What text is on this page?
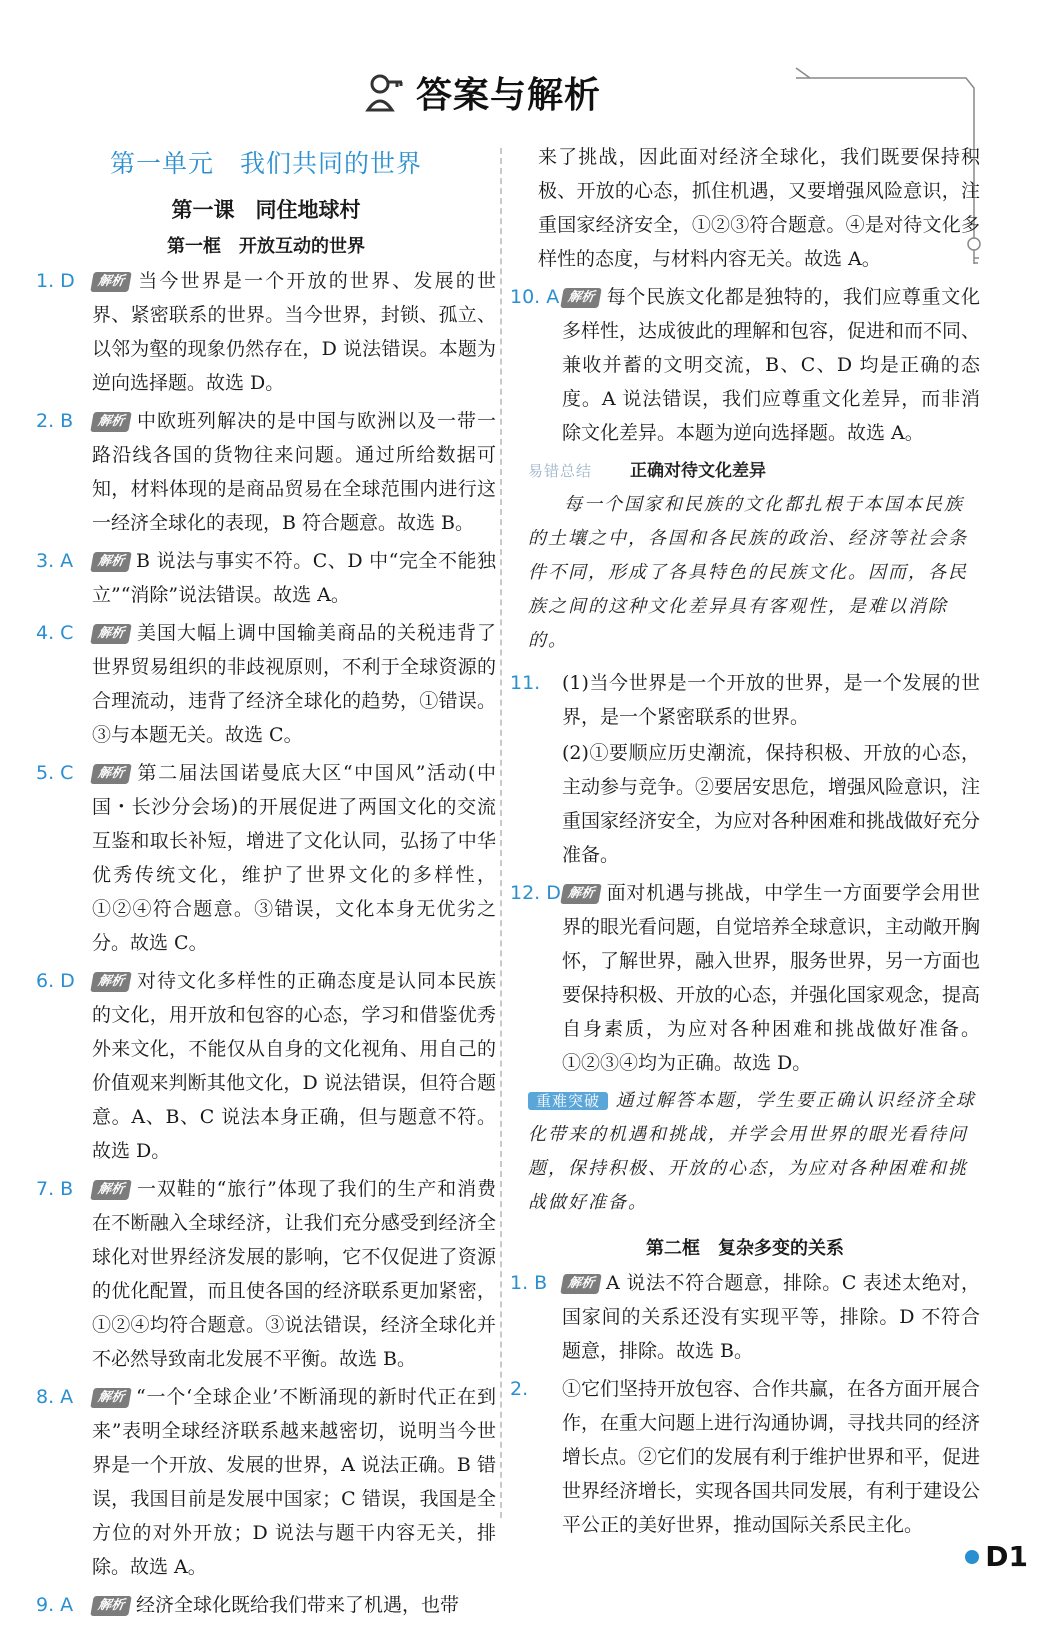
答案与解析
第一单元　我们共同的世界
第一课　同住地球村
第一框　开放互动的世界
1. D 解析 当今世界是一个开放的世界、发展的世界、紧密联系的世界。当今世界，封锁、孤立、以邻为壑的现象仍然存在，D 说法错误。本题为逆向选择题。故选 D。
2. B 解析 中欧班列解决的是中国与欧洲以及一带一路沿线各国的货物往来问题。通过所给数据可知，材料体现的是商品贸易在全球范围内进行这一经济全球化的表现，B 符合题意。故选 B。
3. A 解析 B 说法与事实不符。C、D 中“完全不能独立”“消除”说法错误。故选 A。
4. C 解析 美国大幅上调中国输美商品的关税违背了世界贸易组织的非歧视原则，不利于全球资源的合理流动，违背了经济全球化的趋势，①错误。③与本题无关。故选 C。
5. C 解析 第二届法国诺曼底大区“中国风”活动(中国・长沙分会场)的开展促进了两国文化的交流互鉴和取长补短，增进了文化认同，弘扬了中华优秀传统文化，维护了世界文化的多样性，①②④符合题意。③错误，文化本身无优劣之分。故选 C。
6. D 解析 对待文化多样性的正确态度是认同本民族的文化，用开放和包容的心态，学习和借鉴优秀外来文化，不能仅从自身的文化视角、用自己的价值观来判断其他文化，D 说法错误，但符合题意。A、B、C 说法本身正确，但与题意不符。故选 D。
7. B 解析 一双鞋的“旅行”体现了我们的生产和消费在不断融入全球经济，让我们充分感受到经济全球化对世界经济发展的影响，它不仅促进了资源的优化配置，而且使各国的经济联系更加紧密，①②④均符合题意。③说法错误，经济全球化并不必然导致南北发展不平衡。故选 B。
8. A 解析 “一个‘全球企业’不断涌现的新时代正在到来”表明全球经济联系越来越密切，说明当今世界是一个开放、发展的世界，A 说法正确。B 错误，我国目前是发展中国家；C 错误，我国是全方位的对外开放；D 说法与题干内容无关，排除。故选 A。
9. A 解析 经济全球化既给我们带来了机遇，也带
来了挑战，因此面对经济全球化，我们既要保持积极、开放的心态，抓住机遇，又要增强风险意识，注重国家经济安全，①②③符合题意。④是对待文化多样性的态度，与材料内容无关。故选 A。
10. A 解析 每个民族文化都是独特的，我们应尊重文化多样性，达成彼此的理解和包容，促进和而不同、兼收并蓄的文明交流，B、C、D 均是正确的态度。A 说法错误，我们应尊重文化差异，而非消除文化差异。本题为逆向选择题。故选 A。
易错总结 正确对待文化差异
每一个国家和民族的文化都扎根于本国本民族的土壤之中，各国和各民族的政治、经济等社会条件不同，形成了各具特色的民族文化。因而，各民族之间的这种文化差异具有客观性，是难以消除的。
11. (1)当今世界是一个开放的世界，是一个发展的世界，是一个紧密联系的世界。
(2)①要顺应历史潮流，保持积极、开放的心态，主动参与竞争。②要居安思危，增强风险意识，注重国家经济安全，为应对各种困难和挑战做好充分准备。
12. D 解析 面对机遇与挑战，中学生一方面要学会用世界的眼光看问题，自觉培养全球意识，主动敞开胸怀，了解世界，融入世界，服务世界，另一方面也要保持积极、开放的心态，并强化国家观念，提高自身素质，为应对各种困难和挑战做好准备。①②③④均为正确。故选 D。
重难突破 通过解答本题，学生要正确认识经济全球化带来的机遇和挑战，并学会用世界的眼光看待问题，保持积极、开放的心态，为应对各种困难和挑战做好准备。
第二框　复杂多变的关系
1. B 解析 A 说法不符合题意，排除。C 表述太绝对，国家间的关系还没有实现平等，排除。D 不符合题意，排除。故选 B。
2. ①它们坚持开放包容、合作共赢，在各方面开展合作，在重大问题上进行沟通协调，寻找共同的经济增长点。②它们的发展有利于维护世界和平，促进世界经济增长，实现各国共同发展，有利于建设公平公正的美好世界，推动国际关系民主化。
D1
